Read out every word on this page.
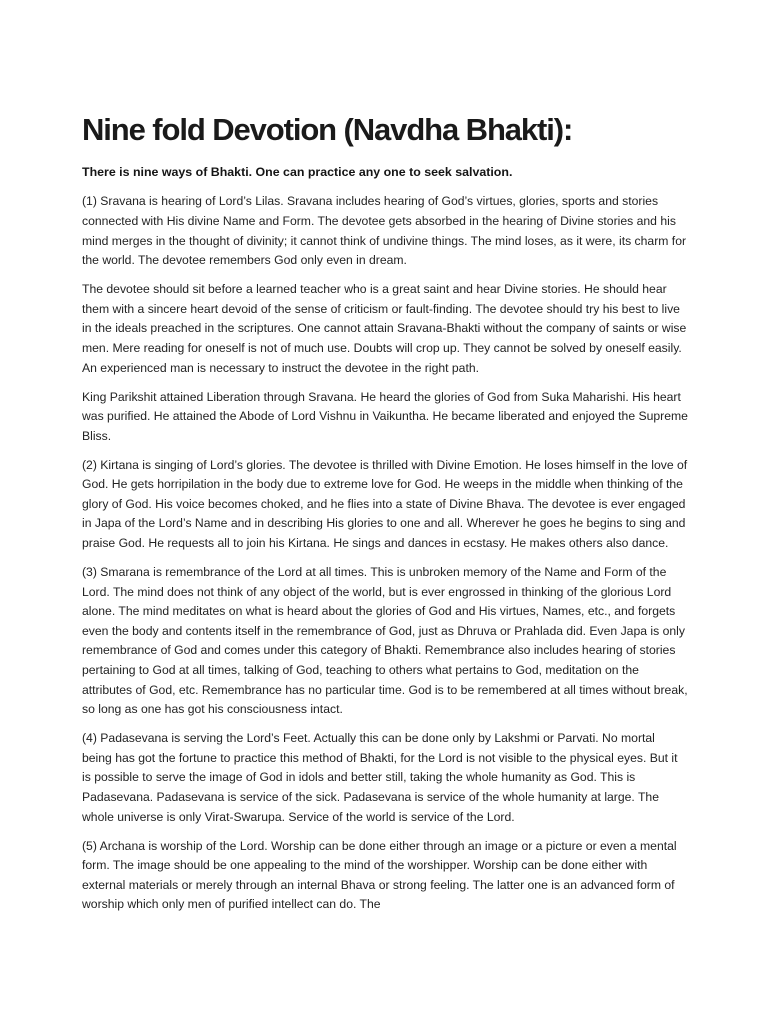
Nine fold Devotion (Navdha Bhakti):

There is nine ways of Bhakti. One can practice any one to seek salvation.

(1) Sravana is hearing of Lord’s Lilas. Sravana includes hearing of God’s virtues, glories, sports and stories connected with His divine Name and Form. The devotee gets absorbed in the hearing of Divine stories and his mind merges in the thought of divinity; it cannot think of undivine things. The mind loses, as it were, its charm for the world. The devotee remembers God only even in dream.

The devotee should sit before a learned teacher who is a great saint and hear Divine stories. He should hear them with a sincere heart devoid of the sense of criticism or fault-finding. The devotee should try his best to live in the ideals preached in the scriptures. One cannot attain Sravana-Bhakti without the company of saints or wise men. Mere reading for oneself is not of much use. Doubts will crop up. They cannot be solved by oneself easily. An experienced man is necessary to instruct the devotee in the right path.

King Parikshit attained Liberation through Sravana. He heard the glories of God from Suka Maharishi. His heart was purified. He attained the Abode of Lord Vishnu in Vaikuntha. He became liberated and enjoyed the Supreme Bliss.

(2) Kirtana is singing of Lord’s glories. The devotee is thrilled with Divine Emotion. He loses himself in the love of God. He gets horripilation in the body due to extreme love for God. He weeps in the middle when thinking of the glory of God. His voice becomes choked, and he flies into a state of Divine Bhava. The devotee is ever engaged in Japa of the Lord’s Name and in describing His glories to one and all. Wherever he goes he begins to sing and praise God. He requests all to join his Kirtana. He sings and dances in ecstasy. He makes others also dance.

(3) Smarana is remembrance of the Lord at all times. This is unbroken memory of the Name and Form of the Lord. The mind does not think of any object of the world, but is ever engrossed in thinking of the glorious Lord alone. The mind meditates on what is heard about the glories of God and His virtues, Names, etc., and forgets even the body and contents itself in the remembrance of God, just as Dhruva or Prahlada did. Even Japa is only remembrance of God and comes under this category of Bhakti. Remembrance also includes hearing of stories pertaining to God at all times, talking of God, teaching to others what pertains to God, meditation on the attributes of God, etc. Remembrance has no particular time. God is to be remembered at all times without break, so long as one has got his consciousness intact.

(4) Padasevana is serving the Lord’s Feet. Actually this can be done only by Lakshmi or Parvati. No mortal being has got the fortune to practice this method of Bhakti, for the Lord is not visible to the physical eyes. But it is possible to serve the image of God in idols and better still, taking the whole humanity as God. This is Padasevana. Padasevana is service of the sick. Padasevana is service of the whole humanity at large. The whole universe is only Virat-Swarupa. Service of the world is service of the Lord.

(5) Archana is worship of the Lord. Worship can be done either through an image or a picture or even a mental form. The image should be one appealing to the mind of the worshipper. Worship can be done either with external materials or merely through an internal Bhava or strong feeling. The latter one is an advanced form of worship which only men of purified intellect can do. The
